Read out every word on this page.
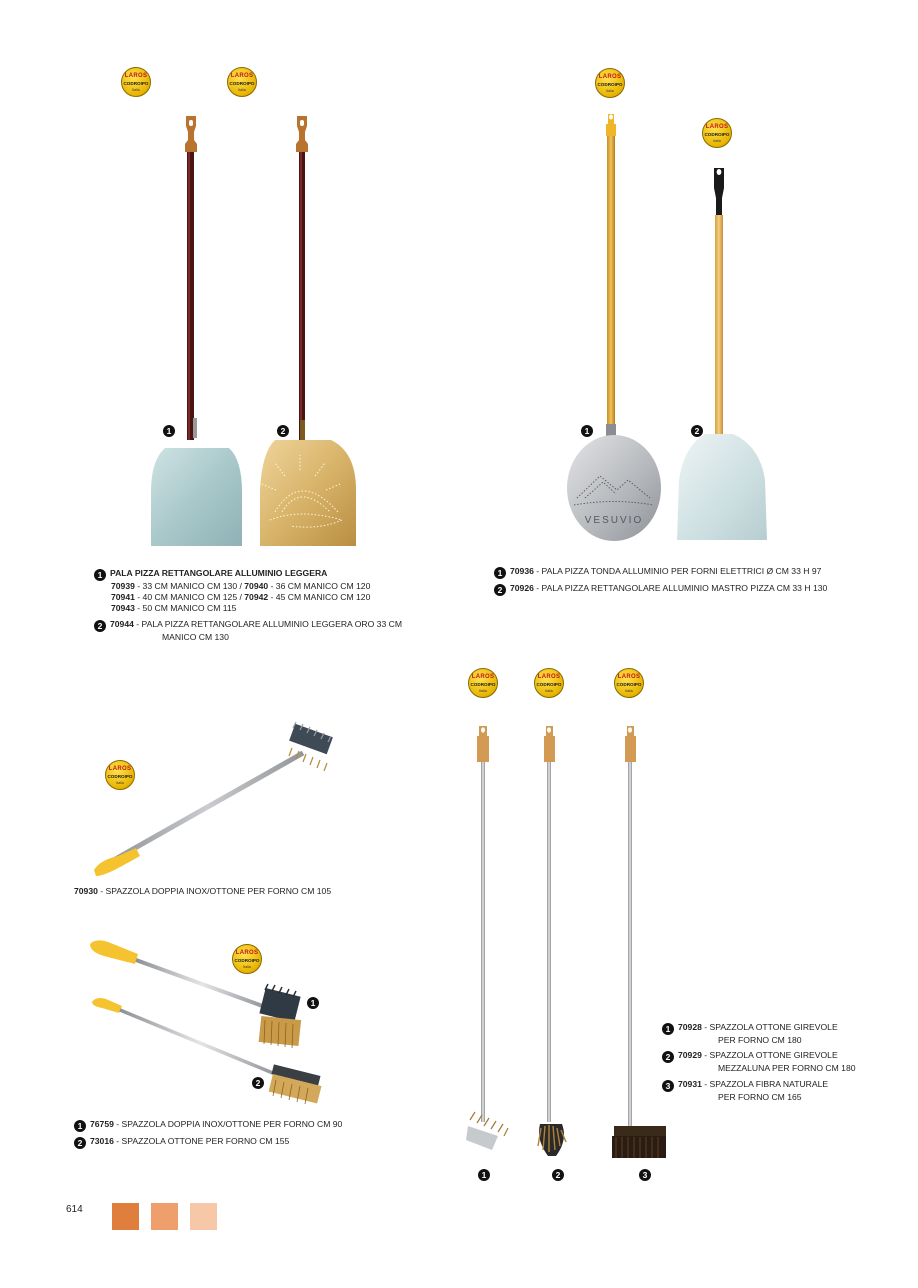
LAROS
CODROIPO
Italia
LAROS
CODROIPO
Italia
LAROS
CODROIPO
Italia
LAROS
CODROIPO
Italia
LAROS
CODROIPO
Italia
LAROS
CODROIPO
Italia
LAROS
CODROIPO
Italia
LAROS
CODROIPO
Italia
LAROS
CODROIPO
Italia
VESUVIO
1	2	1	2
1
2
1	2	3
1 PALA PIZZA RETTANGOLARE ALLUMINIO LEGGERA
70939 - 33 CM MANICO CM 130 / 70940 - 36 CM MANICO CM 120
70941 - 40 CM MANICO CM 125 / 70942 - 45 CM MANICO CM 120
70943 - 50 CM MANICO CM 115
2 70944 - PALA PIZZA RETTANGOLARE ALLUMINIO LEGGERA ORO 33 CM
MANICO CM 130
1 70936 - PALA PIZZA TONDA ALLUMINIO PER FORNI ELETTRICI Ø CM 33 H 97
2 70926 - PALA PIZZA RETTANGOLARE ALLUMINIO MASTRO PIZZA CM 33 H 130
70930 - SPAZZOLA DOPPIA INOX/OTTONE PER FORNO CM 105
1 76759 - SPAZZOLA DOPPIA INOX/OTTONE PER FORNO CM 90
2 73016 - SPAZZOLA OTTONE PER FORNO CM 155
1 70928 - SPAZZOLA OTTONE GIREVOLE
PER FORNO CM 180
2 70929 - SPAZZOLA OTTONE GIREVOLE
MEZZALUNA PER FORNO CM 180
3 70931 - SPAZZOLA FIBRA NATURALE
PER FORNO CM 165
614
